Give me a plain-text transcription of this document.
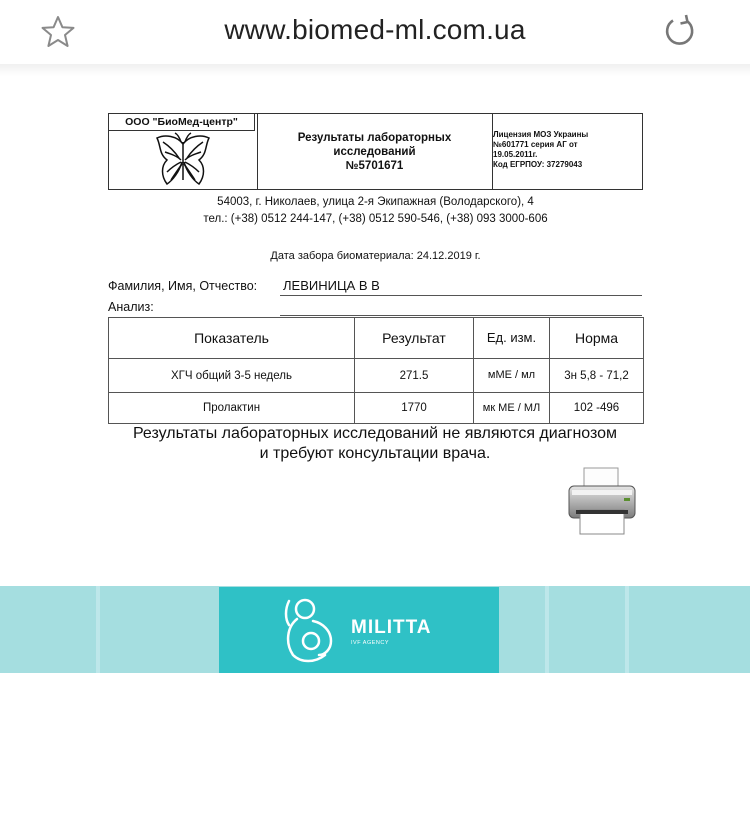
www.biomed-ml.com.ua
ООО "БиоМед-центр"
Результаты лабораторных
исследований
№5701671
Лицензия МОЗ Украины
№601771 серия АГ от
19.05.2011г.
Код ЕГРПОУ: 37279043
54003, г. Николаев, улица 2-я Экипажная (Володарского), 4
тел.: (+38) 0512 244-147, (+38) 0512 590-546, (+38) 093 3000-606
Дата забора биоматериала: 24.12.2019 г.
Фамилия, Имя, Отчество: ЛЕВИНИЦА В В
Анализ:
Показатель	Результат	Ед. изм.	Норма
ХГЧ общий 3-5 недель	271.5	мМЕ / мл	3н 5,8 - 71,2
Пролактин	1770	мк МЕ / МЛ	102 -496
Результаты лабораторных исследований не являются диагнозом
и требуют консультации врача.
MILITTA
IVF AGENCY
